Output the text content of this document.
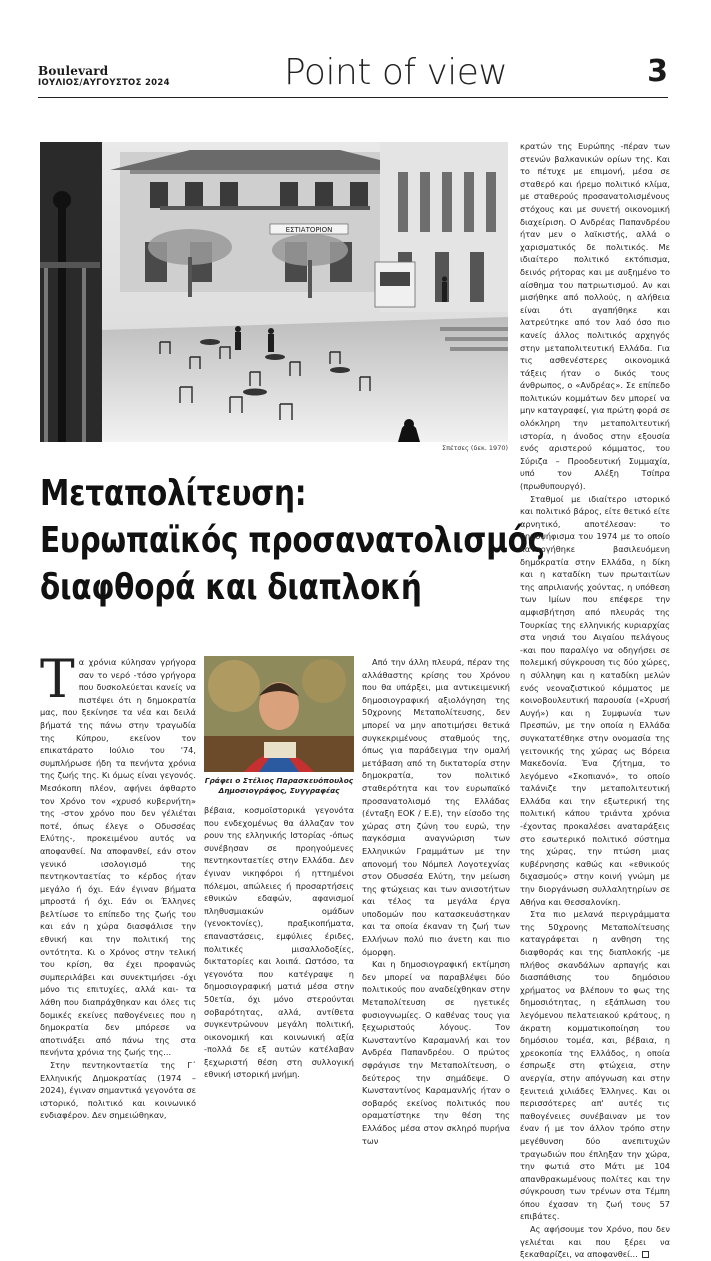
Boulevard
ΙΟΥΛΙΟΣ/ΑΥΓΟΥΣΤΟΣ 2024	Point of view	3
ΕΣΤΙΑΤΟΡΙΟΝ
Σπέτσες (δεκ. 1970)
Μεταπολίτευση:
Ευρωπαϊκός προσανατολισμός
διαφθορά και διαπλοκή

Τα χρόνια κύλησαν γρήγορα σαν το νερό -τόσο γρήγορα που δυσκολεύεται κανείς να πιστέψει ότι η δημοκρατία μας, που ξεκίνησε τα νέα και δειλά βήματά της πάνω στην τραγωδία της Κύπρου, εκείνον τον επικατάρατο Ιούλιο του '74, συμπλήρωσε ήδη τα πενήντα χρόνια της ζωής της. Κι όμως είναι γεγονός. Μεσόκοπη πλέον, αφήνει άφθαρτο τον Χρόνο τον «χρυσό κυβερνήτη» της -στον χρόνο που δεν γέλιέται ποτέ, όπως έλεγε ο Οδυσσέας Ελύτης-, προκειμένου αυτός να αποφανθεί. Να αποφανθεί, εάν στον γενικό ισολογισμό της πεντηκονταετίας το κέρδος ήταν μεγάλο ή όχι. Εάν έγιναν βήματα μπροστά ή όχι. Εάν οι Έλληνες βελτίωσε το επίπεδο της ζωής του και εάν η χώρα διασφάλισε την εθνική και την πολιτική της οντότητα. Κι ο Χρόνος στην τελική του κρίση, θα έχει προφανώς συμπεριλάβει και συνεκτιμήσει -όχι μόνο τις επιτυχίες, αλλά και- τα λάθη που διαπράχθηκαν και όλες τις δομικές εκείνες παθογένειες που η δημοκρατία δεν μπόρεσε να αποτινάξει από πάνω της στα πενήντα χρόνια της ζωής της...

Στην πεντηκονταετία της Γ΄ Ελληνικής Δημοκρατίας (1974 – 2024), έγιναν σημαντικά γεγονότα σε ιστορικό, πολιτικό και κοινωνικό ενδιαφέρον. Δεν σημειώθηκαν,

Γράφει ο Στέλιος Παρασκευόπουλος
Δημοσιογράφος, Συγγραφέας

βέβαια, κοσμοϊστορικά γεγονότα που ενδεχομένως θα άλλαζαν τον ρουν της ελληνικής Ιστορίας -όπως συνέβησαν σε προηγούμενες πεντηκονταετίες στην Ελλάδα. Δεν έγιναν νικηφόροι ή ηττημένοι πόλεμοι, απώλειες ή προσαρτήσεις εθνικών εδαφών, αφανισμοί πληθυσμιακών ομάδων (γενοκτονίες), πραξικοπήματα, επαναστάσεις, εμφύλιες έριδες, πολιτικές μισαλλοδοξίες, δικτατορίες και λοιπά. Ωστόσο, τα γεγονότα που κατέγραψε η δημοσιογραφική ματιά μέσα στην 50ετία, όχι μόνο στερούνται σοβαρότητας, αλλά, αντίθετα συγκεντρώνουν μεγάλη πολιτική, οικονομική και κοινωνική αξία -πολλά δε εξ αυτών κατέλαβαν ξεχωριστή θέση στη συλλογική εθνική ιστορική μνήμη.

Από την άλλη πλευρά, πέραν της αλλάθαστης κρίσης του Χρόνου που θα υπάρξει, μια αντικειμενική δημοσιογραφική αξιολόγηση της 50χρονης Μεταπολίτευσης, δεν μπορεί να μην αποτιμήσει θετικά συγκεκριμένους σταθμούς της, όπως για παράδειγμα την ομαλή μετάβαση από τη δικτατορία στην δημοκρατία, τον πολιτικό σταθερότητα και τον ευρωπαϊκό προσανατολισμό της Ελλάδας (ένταξη ΕΟΚ / Ε.Ε), την είσοδο της χώρας στη ζώνη του ευρώ, την παγκόσμια αναγνώριση των Ελληνικών Γραμμάτων με την απονομή του Νόμπελ Λογοτεχνίας στον Οδυσσέα Ελύτη, την μείωση της φτώχειας και των ανισοτήτων και τέλος τα μεγάλα έργα υποδομών που κατασκευάστηκαν και τα οποία έκαναν τη ζωή των Ελλήνων πολύ πιο άνετη και πιο όμορφη.

Και η δημοσιογραφική εκτίμηση δεν μπορεί να παραβλέψει δύο πολιτικούς που αναδείχθηκαν στην Μεταπολίτευση σε ηγετικές φυσιογνωμίες. Ο καθένας τους για ξεχωριστούς λόγους. Τον Κωνσταντίνο Καραμανλή και τον Ανδρέα Παπανδρέου. Ο πρώτος σφράγισε την Μεταπολίτευση, ο δεύτερος την σημάδεψε. Ο Κωνσταντίνος Καραμανλής ήταν ο σοβαρός εκείνος πολιτικός που οραματίστηκε την θέση της Ελλάδος μέσα στον σκληρό πυρήνα των

κρατών της Ευρώπης -πέραν των στενών βαλκανικών ορίων της. Και το πέτυχε με επιμονή, μέσα σε σταθερό και ήρεμο πολιτικό κλίμα, με σταθερούς προσανατολισμένους στόχους και με συνετή οικονομική διαχείριση. Ο Ανδρέας Παπανδρέου ήταν μεν ο λαϊκιστής, αλλά ο χαρισματικός δε πολιτικός. Με ιδιαίτερο πολιτικό εκτόπισμα, δεινός ρήτορας και με αυξημένο το αίσθημα του πατριωτισμού. Αν και μισήθηκε από πολλούς, η αλήθεια είναι ότι αγαπήθηκε και λατρεύτηκε από τον λαό όσο πιο κανείς άλλος πολιτικός αρχηγός στην μεταπολιτευτική Ελλάδα. Για τις ασθενέστερες οικονομικά τάξεις ήταν ο δικός τους άνθρωπος, ο «Ανδρέας». Σε επίπεδο πολιτικών κομμάτων δεν μπορεί να μην καταγραφεί, για πρώτη φορά σε ολόκληρη την μεταπολιτευτική ιστορία, η άνοδος στην εξουσία ενός αριστερού κόμματος, του Σύριζα – Προοδευτική Συμμαχία, υπό τον Αλέξη Τσίπρα (πρωθυπουργό).

Σταθμοί με ιδιαίτερο ιστορικό και πολιτικό βάρος, είτε θετικό είτε αρνητικό, αποτέλεσαν: το δημοψήφισμα του 1974 με το οποίο καταργήθηκε βασιλευόμενη δημοκρατία στην Ελλάδα, η δίκη και η καταδίκη των πρωταιτίων της απριλιανής χούντας, η υπόθεση των Ιμίων που επέφερε την αμφισβήτηση από πλευράς της Τουρκίας της ελληνικής κυριαρχίας στα νησιά του Αιγαίου πελάγους -και που παραλίγο να οδηγήσει σε πολεμική σύγκρουση τις δύο χώρες, η σύλληψη και η καταδίκη μελών ενός νεοναζιστικού κόμματος με κοινοβουλευτική παρουσία («Χρυσή Αυγή») και η Συμφωνία των Πρεσπών, με την οποία η Ελλάδα συγκατατέθηκε στην ονομασία της γειτονικής της χώρας ως Βόρεια Μακεδονία. Ένα ζήτημα, το λεγόμενο «Σκοπιανό», το οποίο ταλάνιζε την μεταπολιτευτική Ελλάδα και την εξωτερική της πολιτική κάπου τριάντα χρόνια -έχοντας προκαλέσει αναταράξεις στο εσωτερικό πολιτικό σύστημα της χώρας, την πτώση μιας κυβέρνησης καθώς και «εθνικούς διχασμούς» στην κοινή γνώμη με την διοργάνωση συλλαλητηρίων σε Αθήνα και Θεσσαλονίκη.

Στα πιο μελανά περιγράμματα της 50χρονης Μεταπολίτευσης καταγράφεται η ανθηση της διαφθοράς και της διαπλοκής -με πλήθος σκανδάλων αρπαγής και διασπάθισης του δημόσιου χρήματος να βλέπουν το φως της δημοσιότητας, η εξάπλωση του λεγόμενου πελατειακού κράτους, η άκρατη κομματικοποίηση του δημόσιου τομέα, και, βέβαια, η χρεοκοπία της Ελλάδος, η οποία έσπρωξε στη φτώχεια, στην ανεργία, στην απόγνωση και στην ξενιτειά χιλιάδες Έλληνες. Και οι περισσότερες απ' αυτές τις παθογένειες συνέβαιναν με τον έναν ή με τον άλλον τρόπο στην μεγέθυνση δύο ανεπιτυχών τραγωδιών που έπληξαν την χώρα, την φωτιά στο Μάτι με 104 απανθρακωμένους πολίτες και την σύγκρουση των τρένων στα Τέμπη όπου έχασαν τη ζωή τους 57 επιβάτες.

Ας αφήσουμε τον Χρόνο, που δεν γελιέται και που ξέρει να ξεκαθαρίζει, να αποφανθεί...
